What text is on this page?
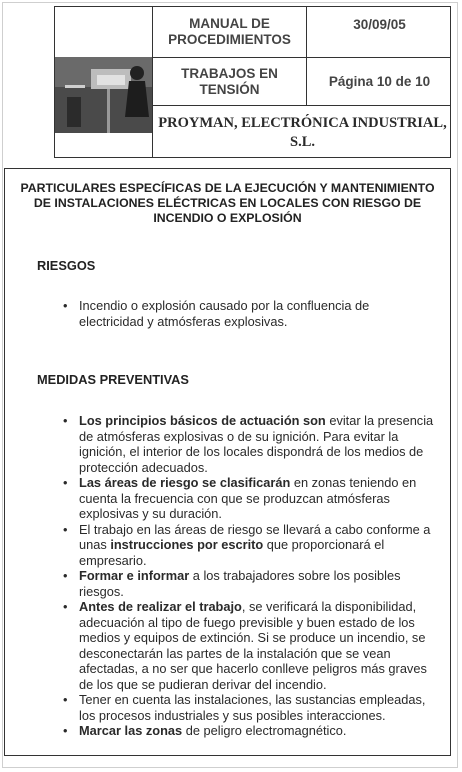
MANUAL DE PROCEDIMIENTOS
30/09/05
TRABAJOS EN TENSIÓN	Página 10 de 10
PROYMAN, ELECTRÓNICA INDUSTRIAL, S.L.
PARTICULARES ESPECÍFICAS DE LA EJECUCIÓN Y MANTENIMIENTO DE INSTALACIONES ELÉCTRICAS EN LOCALES CON RIESGO DE INCENDIO O EXPLOSIÓN
RIESGOS
• Incendio o explosión causado por la confluencia de electricidad y atmósferas explosivas.
MEDIDAS PREVENTIVAS
• Los principios básicos de actuación son evitar la presencia de atmósferas explosivas o de su ignición. Para evitar la ignición, el interior de los locales dispondrá de los medios de protección adecuados.
• Las áreas de riesgo se clasificarán en zonas teniendo en cuenta la frecuencia con que se produzcan atmósferas explosivas y su duración.
• El trabajo en las áreas de riesgo se llevará a cabo conforme a unas instrucciones por escrito que proporcionará el empresario.
• Formar e informar a los trabajadores sobre los posibles riesgos.
• Antes de realizar el trabajo, se verificará la disponibilidad, adecuación al tipo de fuego previsible y buen estado de los medios y equipos de extinción. Si se produce un incendio, se desconectarán las partes de la instalación que se vean afectadas, a no ser que hacerlo conlleve peligros más graves de los que se pudieran derivar del incendio.
• Tener en cuenta las instalaciones, las sustancias empleadas, los procesos industriales y sus posibles interacciones.
• Marcar las zonas de peligro electromagnético.
